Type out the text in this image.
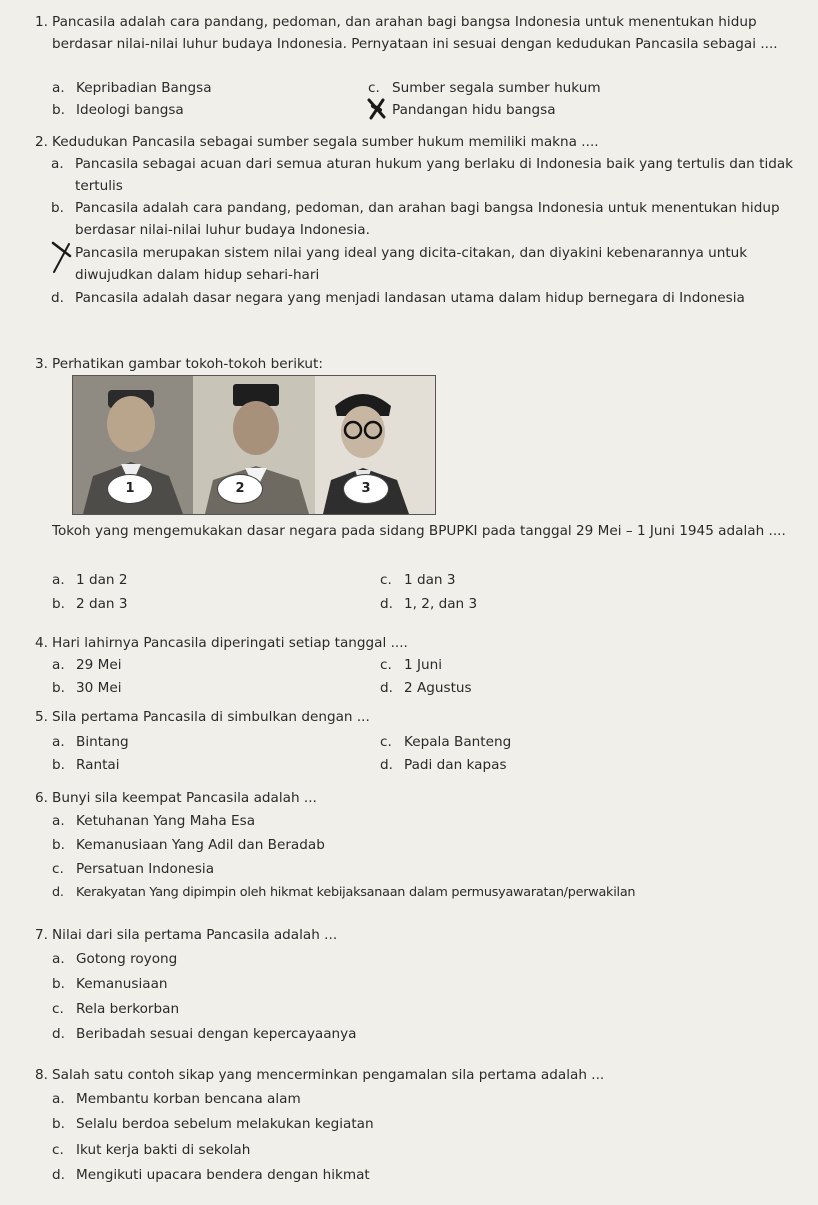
1. Pancasila adalah cara pandang, pedoman, dan arahan bagi bangsa Indonesia untuk menentukan hidup berdasar nilai-nilai luhur budaya Indonesia. Pernyataan ini sesuai dengan kedudukan Pancasila sebagai ....
a. Kepribadian Bangsa
b. Ideologi bangsa
c. Sumber segala sumber hukum
Pandangan hidu bangsa
2. Kedudukan Pancasila sebagai sumber segala sumber hukum memiliki makna ....
a. Pancasila sebagai acuan dari semua aturan hukum yang berlaku di Indonesia baik yang tertulis dan tidak tertulis
b. Pancasila adalah cara pandang, pedoman, dan arahan bagi bangsa Indonesia untuk menentukan hidup berdasar nilai-nilai luhur budaya Indonesia.
Pancasila merupakan sistem nilai yang ideal yang dicita-citakan, dan diyakini kebenarannya untuk diwujudkan dalam hidup sehari-hari
d. Pancasila adalah dasar negara yang menjadi landasan utama dalam hidup bernegara di Indonesia
3. Perhatikan gambar tokoh-tokoh berikut:
1	2	3
Tokoh yang mengemukakan dasar negara pada sidang BPUPKI pada tanggal 29 Mei – 1 Juni 1945 adalah ....
a. 1 dan 2
b. 2 dan 3
c. 1 dan 3
d. 1, 2, dan 3
4. Hari lahirnya Pancasila diperingati setiap tanggal ....
a. 29 Mei
b. 30 Mei
c. 1 Juni
d. 2 Agustus
5. Sila pertama Pancasila di simbulkan dengan ...
a. Bintang
b. Rantai
c. Kepala Banteng
d. Padi dan kapas
6. Bunyi sila keempat Pancasila adalah ...
a. Ketuhanan Yang Maha Esa
b. Kemanusiaan Yang Adil dan Beradab
c. Persatuan Indonesia
d. Kerakyatan Yang dipimpin oleh hikmat kebijaksanaan dalam permusyawaratan/perwakilan
7. Nilai dari sila pertama Pancasila adalah ...
a. Gotong royong
b. Kemanusiaan
c. Rela berkorban
d. Beribadah sesuai dengan kepercayaanya
8. Salah satu contoh sikap yang mencerminkan pengamalan sila pertama adalah ...
a. Membantu korban bencana alam
b. Selalu berdoa sebelum melakukan kegiatan
c. Ikut kerja bakti di sekolah
d. Mengikuti upacara bendera dengan hikmat
